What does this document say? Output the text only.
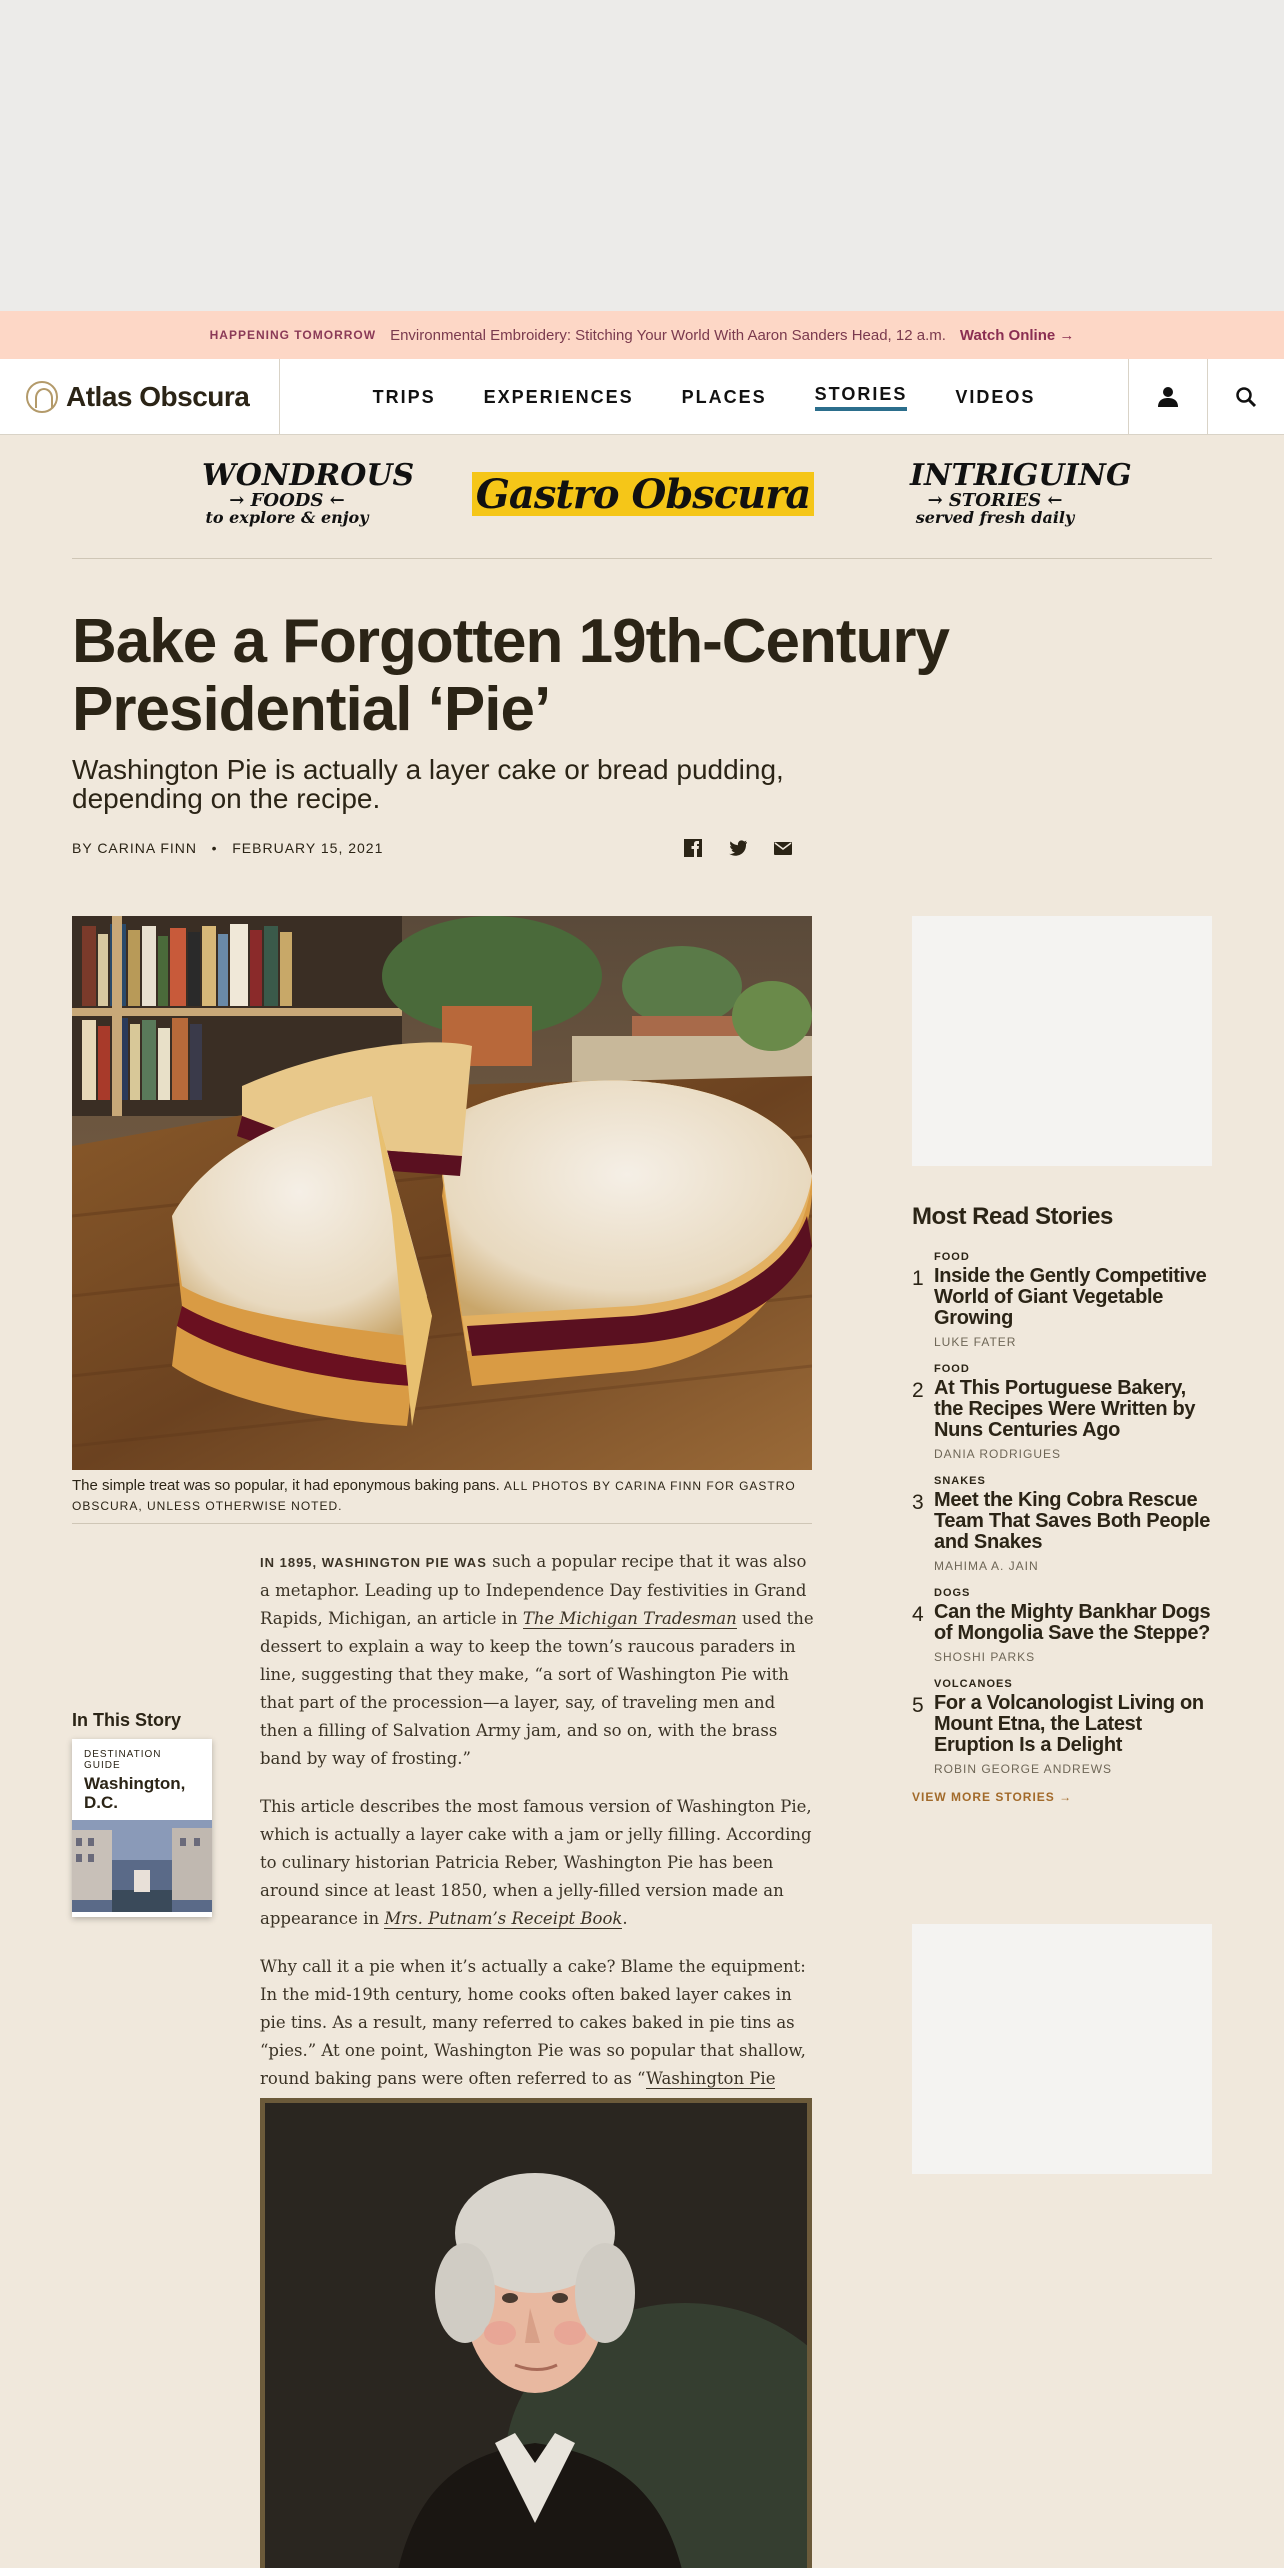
HAPPENING TOMORROW Environmental Embroidery: Stitching Your World With Aaron Sanders Head, 12 a.m. Watch Online →
Atlas Obscura	TRIPS	EXPERIENCES	PLACES	STORIES	VIDEOS
WONDROUS
→ FOODS ←
to explore & enjoy
Gastro Obscura	INTRIGUING
→ STORIES ←
served fresh daily
Bake a Forgotten 19th-Century Presidential ‘Pie’
Washington Pie is actually a layer cake or bread pudding, depending on the recipe.
BY CARINA FINN   •   FEBRUARY 15, 2021
The simple treat was so popular, it had eponymous baking pans. ALL PHOTOS BY CARINA FINN FOR GASTRO OBSCURA, UNLESS OTHERWISE NOTED.

IN 1895, WASHINGTON PIE WAS such a popular recipe that it was also a metaphor. Leading up to Independence Day festivities in Grand Rapids, Michigan, an article in The Michigan Tradesman used the dessert to explain a way to keep the town’s raucous paraders in line, suggesting that they make, “a sort of Washington Pie with that part of the procession—a layer, say, of traveling men and then a filling of Salvation Army jam, and so on, with the brass band by way of frosting.”

This article describes the most famous version of Washington Pie, which is actually a layer cake with a jam or jelly filling. According to culinary historian Patricia Reber, Washington Pie has been around since at least 1850, when a jelly-filled version made an appearance in Mrs. Putnam’s Receipt Book.

Why call it a pie when it’s actually a cake? Blame the equipment: In the mid-19th century, home cooks often baked layer cakes in pie tins. As a result, many referred to cakes baked in pie tins as “pies.” At one point, Washington Pie was so popular that shallow, round baking pans were often referred to as “Washington Pie

In This Story
DESTINATION GUIDE
Washington, D.C.
Most Read Stories
1
FOOD
Inside the Gently Competitive World of Giant Vegetable Growing
LUKE FATER
2
FOOD
At This Portuguese Bakery, the Recipes Were Written by Nuns Centuries Ago
DANIA RODRIGUES
3
SNAKES
Meet the King Cobra Rescue Team That Saves Both People and Snakes
MAHIMA A. JAIN
4
DOGS
Can the Mighty Bankhar Dogs of Mongolia Save the Steppe?
SHOSHI PARKS
5
VOLCANOES
For a Volcanologist Living on Mount Etna, the Latest Eruption Is a Delight
ROBIN GEORGE ANDREWS
VIEW MORE STORIES →
